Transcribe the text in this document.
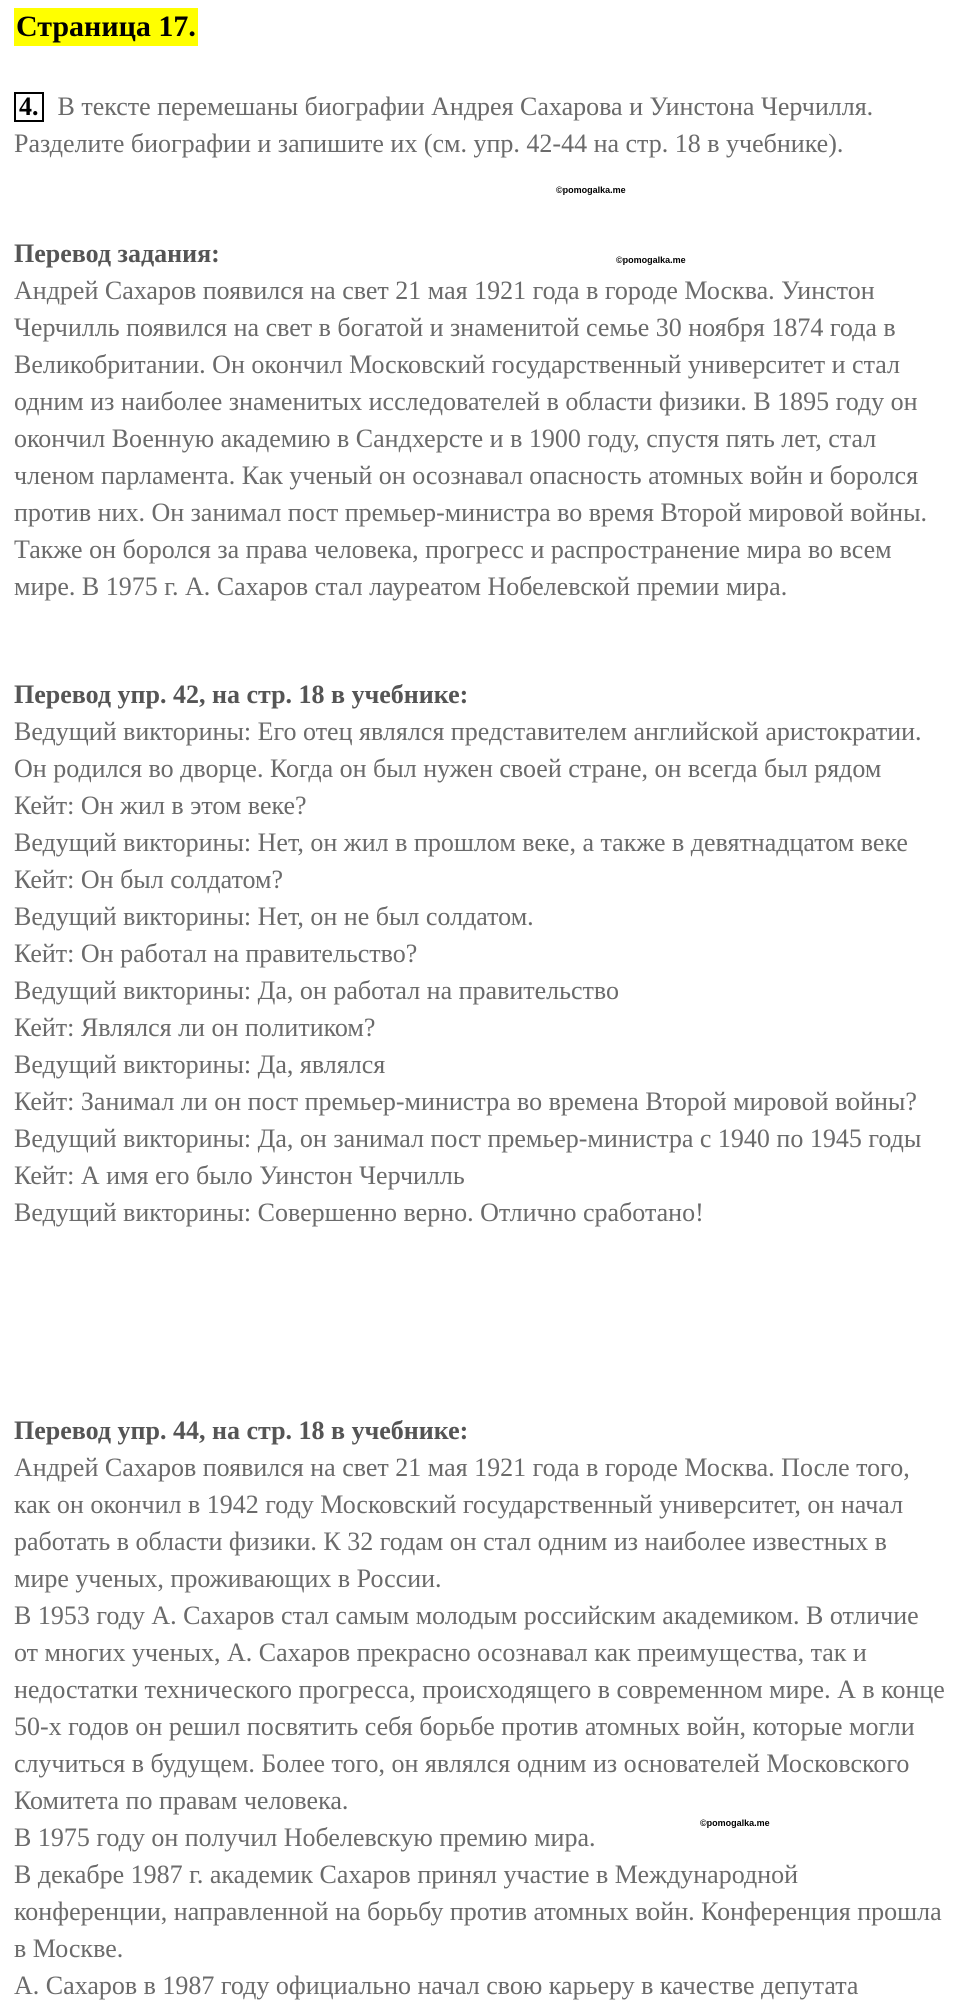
Страница 17.
4. В тексте перемешаны биографии Андрея Сахарова и Уинстона Черчилля. Разделите биографии и запишите их (см. упр. 42-44 на стр. 18 в учебнике).
©pomogalka.me
©pomogalka.me
©pomogalka.me

Перевод задания:

Андрей Сахаров появился на свет 21 мая 1921 года в городе Москва. Уинстон Черчилль появился на свет в богатой и знаменитой семье 30 ноября 1874 года в Великобритании. Он окончил Московский государственный университет и стал одним из наиболее знаменитых исследователей в области физики. В 1895 году он окончил Военную академию в Сандхерсте и в 1900 году, спустя пять лет, стал членом парламента. Как ученый он осознавал опасность атомных войн и боролся против них. Он занимал пост премьер-министра во время Второй мировой войны. Также он боролся за права человека, прогресс и распространение мира во всем мире. В 1975 г. А. Сахаров стал лауреатом Нобелевской премии мира.

Перевод упр. 42, на стр. 18 в учебнике:

Ведущий викторины: Его отец являлся представителем английской аристократии. Он родился во дворце. Когда он был нужен своей стране, он всегда был рядом

Кейт: Он жил в этом веке?

Ведущий викторины: Нет, он жил в прошлом веке, а также в девятнадцатом веке

Кейт: Он был солдатом?

Ведущий викторины: Нет, он не был солдатом.

Кейт: Он работал на правительство?

Ведущий викторины: Да, он работал на правительство

Кейт: Являлся ли он политиком?

Ведущий викторины: Да, являлся

Кейт: Занимал ли он пост премьер-министра во времена Второй мировой войны?

Ведущий викторины: Да, он занимал пост премьер-министра с 1940 по 1945 годы

Кейт: А имя его было Уинстон Черчилль

Ведущий викторины: Совершенно верно. Отлично сработано!

Перевод упр. 44, на стр. 18 в учебнике:

Андрей Сахаров появился на свет 21 мая 1921 года в городе Москва. После того, как он окончил в 1942 году Московский государственный университет, он начал работать в области физики. К 32 годам он стал одним из наиболее известных в мире ученых, проживающих в России.

В 1953 году А. Сахаров стал самым молодым российским академиком. В отличие от многих ученых, А. Сахаров прекрасно осознавал как преимущества, так и недостатки технического прогресса, происходящего в современном мире. А в конце 50-х годов он решил посвятить себя борьбе против атомных войн, которые могли случиться в будущем. Более того, он являлся одним из основателей Московского Комитета по правам человека.

В 1975 году он получил Нобелевскую премию мира.

В декабре 1987 г. академик Сахаров принял участие в Международной конференции, направленной на борьбу против атомных войн. Конференция прошла в Москве.

А. Сахаров в 1987 году официально начал свою карьеру в качестве депутата
